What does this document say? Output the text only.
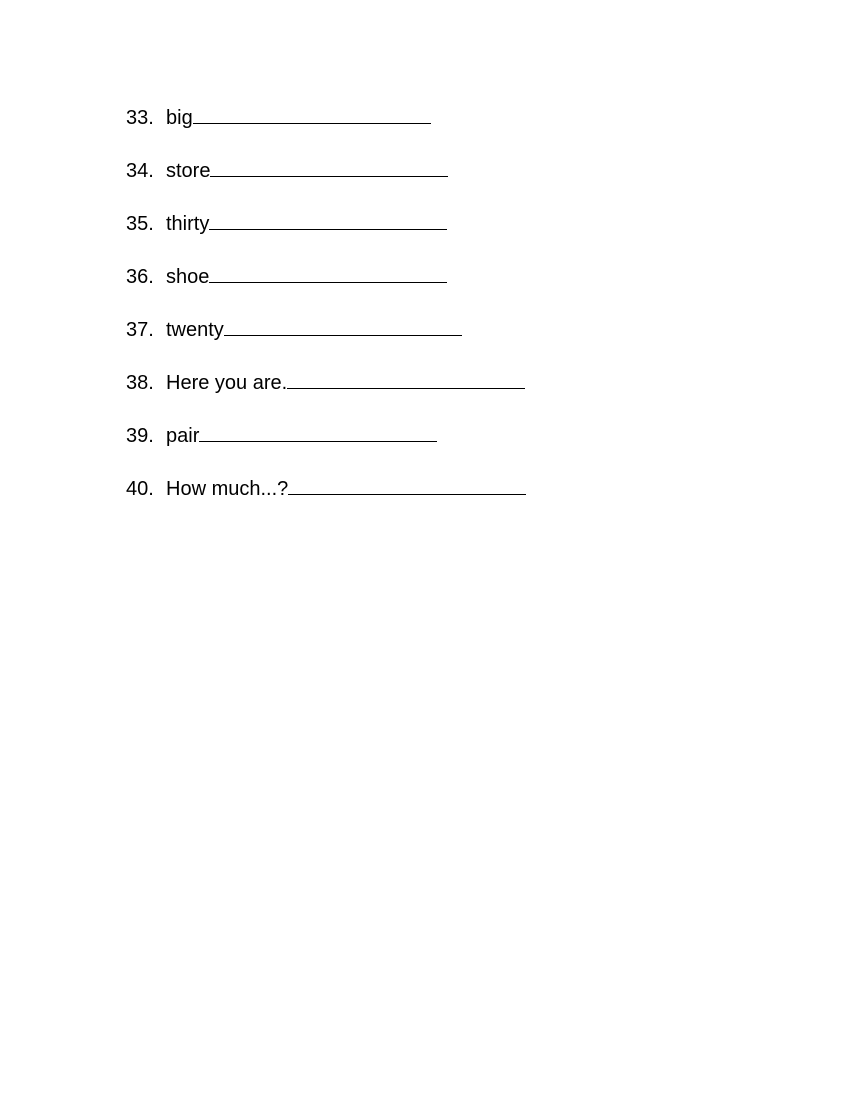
33. big
34. store
35. thirty
36. shoe
37. twenty
38. Here you are.
39. pair
40. How much...?
